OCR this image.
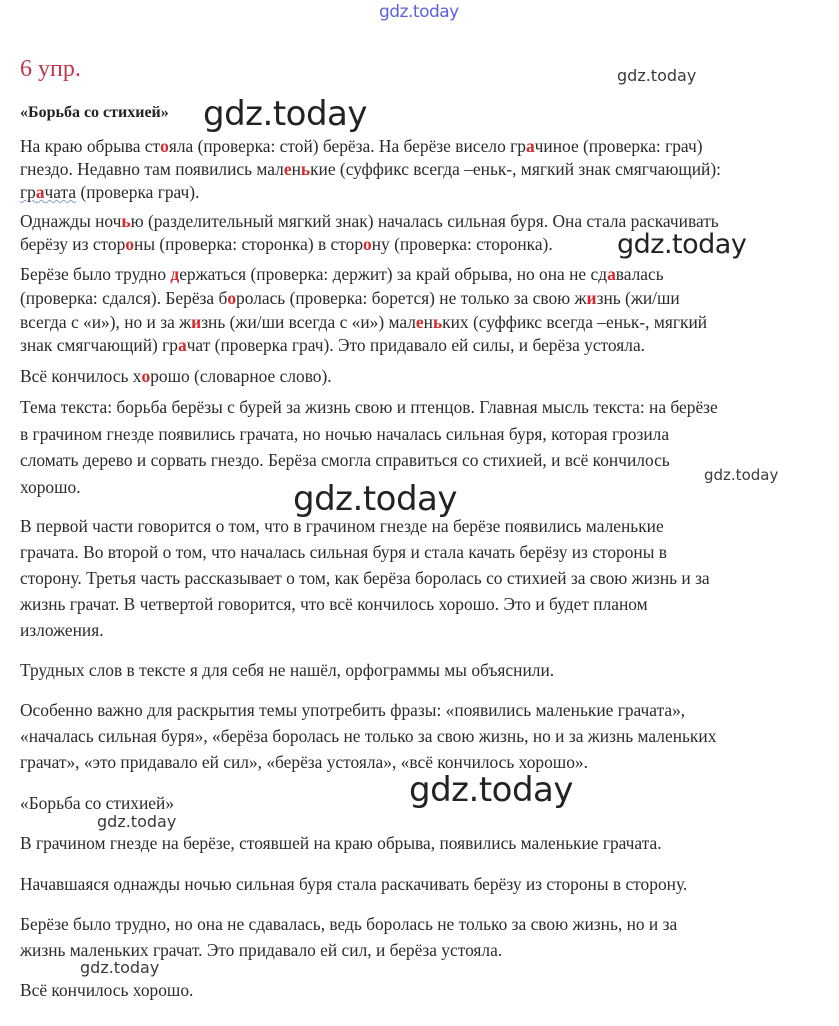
gdz.today
gdz.today
gdz.today
gdz.today
gdz.today
gdz.today
gdz.today
gdz.today
gdz.today
6 упр.
«Борьба со стихией»

На краю обрыва стояла (проверка: стой) берёза. На берёзе висело грачиное (проверка: грач)

гнездо. Недавно там появились маленькие (суффикс всегда –еньк-, мягкий знак смягчающий):

грачата (проверка грач).

Однажды ночью (разделительный мягкий знак) началась сильная буря. Она стала раскачивать

берёзу из стороны (проверка: сторонка) в сторону (проверка: сторонка).

Берёзе было трудно держаться (проверка: держит) за край обрыва, но она не сдавалась

(проверка: сдался). Берёза боролась (проверка: борется) не только за свою жизнь (жи/ши

всегда с «и»), но и за жизнь (жи/ши всегда с «и») маленьких (суффикс всегда –еньк-, мягкий

знак смягчающий) грачат (проверка грач). Это придавало ей силы, и берёза устояла.

Всё кончилось хорошо (словарное слово).

Тема текста: борьба берёзы с бурей за жизнь свою и птенцов. Главная мысль текста: на берёзе

в грачином гнезде появились грачата, но ночью началась сильная буря, которая грозила

сломать дерево и сорвать гнездо. Берёза смогла справиться со стихией, и всё кончилось

хорошо.

В первой части говорится о том, что в грачином гнезде на берёзе появились маленькие

грачата. Во второй о том, что началась сильная буря и стала качать берёзу из стороны в

сторону. Третья часть рассказывает о том, как берёза боролась со стихией за свою жизнь и за

жизнь грачат. В четвертой говорится, что всё кончилось хорошо. Это и будет планом

изложения.

Трудных слов в тексте я для себя не нашёл, орфограммы мы объяснили.

Особенно важно для раскрытия темы употребить фразы: «появились маленькие грачата»,

«началась сильная буря», «берёза боролась не только за свою жизнь, но и за жизнь маленьких

грачат», «это придавало ей сил», «берёза устояла», «всё кончилось хорошо».

«Борьба со стихией»

В грачином гнезде на берёзе, стоявшей на краю обрыва, появились маленькие грачата.

Начавшаяся однажды ночью сильная буря стала раскачивать берёзу из стороны в сторону.

Берёзе было трудно, но она не сдавалась, ведь боролась не только за свою жизнь, но и за

жизнь маленьких грачат. Это придавало ей сил, и берёза устояла.

Всё кончилось хорошо.
